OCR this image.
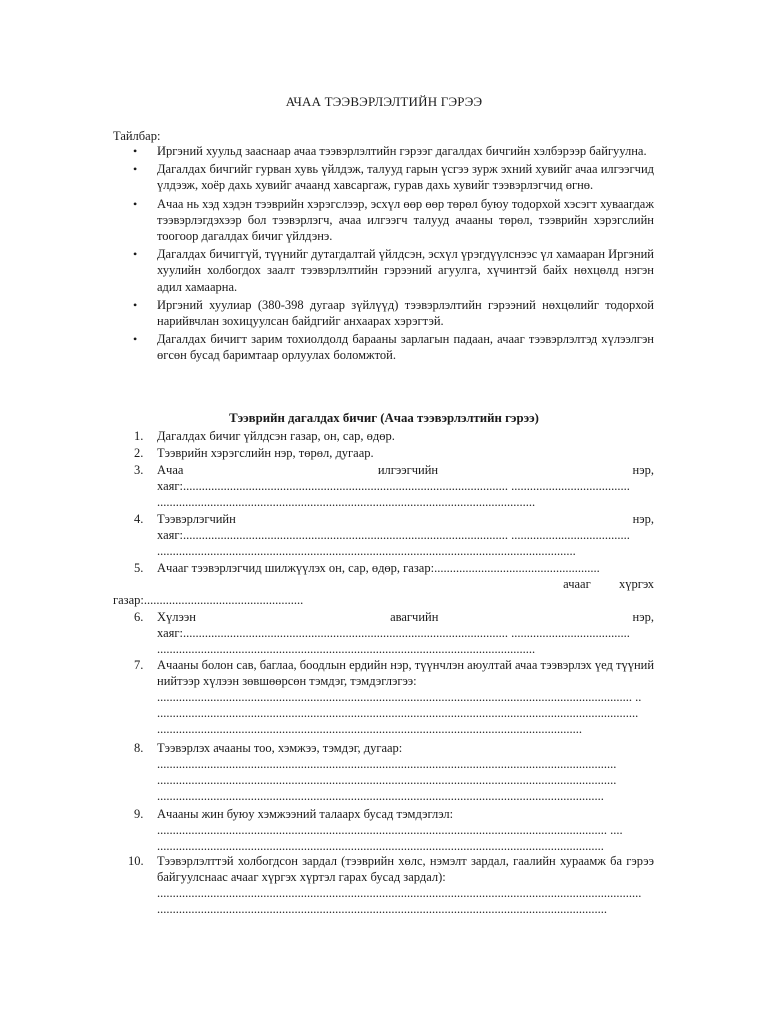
АЧАА ТЭЭВЭРЛЭЛТИЙН ГЭРЭЭ
Тайлбар:
• Иргэний хуульд зааснаар ачаа тээвэрлэлтийн гэрээг дагалдах бичгийн хэлбэрээр байгуулна.
• Дагалдах бичгийг гурван хувь үйлдэж, талууд гарын үсгээ зурж эхний хувийг ачаа илгээгчид үлдээж, хоёр дахь хувийг ачаанд хавсаргаж, гурав дахь хувийг тээвэрлэгчид өгнө.
• Ачаа нь хэд хэдэн тээврийн хэрэгслээр, эсхүл өөр өөр төрөл буюу тодорхой хэсэгт хуваагдаж тээвэрлэгдэхээр бол тээвэрлэгч, ачаа илгээгч талууд ачааны төрөл, тээврийн хэрэгслийн тоогоор дагалдах бичиг үйлдэнэ.
• Дагалдах бичиггүй, түүнийг дутагдалтай үйлдсэн, эсхүл үрэгдүүлснээс үл хамааран Иргэний хуулийн холбогдох заалт тээвэрлэлтийн гэрээний агуулга, хүчинтэй байх нөхцөлд нэгэн адил хамаарна.
• Иргэний хуулиар (380-398 дугаар зүйлүүд) тээвэрлэлтийн гэрээний нөхцөлийг тодорхой нарийвчлан зохицуулсан байдгийг анхаарах хэрэгтэй.
• Дагалдах бичигт зарим тохиолдолд барааны зарлагын падаан, ачааг тээвэрлэлтэд хүлээлгэн өгсөн бусад баримтаар орлуулах боломжтой.
Тээврийн дагалдах бичиг (Ачаа тээвэрлэлтийн гэрээ)
1. Дагалдах бичиг үйлдсэн газар, он, сар, өдөр.
2. Тээврийн хэрэгслийн нэр, төрөл, дугаар.
3. Ачаа	илгээгчийн	нэр,
хаяг:........................................................................................................ ......................................
.........................................................................................................................
4. Тээвэрлэгчийн	нэр,
хаяг:........................................................................................................ ......................................
......................................................................................................................................
5. Ачааг тээвэрлэгчид шилжүүлэх он, сар, өдөр, газар:.....................................................
ачааг хүргэх
газар:...................................................
6. Хүлээн	авагчийн	нэр,
хаяг:........................................................................................................ ......................................
.........................................................................................................................
7. Ачааны болон сав, баглаа, боодлын ердийн нэр, түүнчлэн аюултай ачаа тээвэрлэх үед түүний нийтээр хүлээн зөвшөөрсөн тэмдэг, тэмдэглэгээ:
........................................................................................................................................................ ..
..........................................................................................................................................................
........................................................................................................................................
8. Тээвэрлэх ачааны тоо, хэмжээ, тэмдэг, дугаар:
...................................................................................................................................................
...................................................................................................................................................
...............................................................................................................................................
9. Ачааны жин буюу хэмжээний талаарх бусад тэмдэглэл:
................................................................................................................................................ ....
...............................................................................................................................................
10. Тээвэрлэлттэй холбогдсон зардал (тээврийн хөлс, нэмэлт зардал, гаалийн хураамж ба гэрээ байгуулснаас ачааг хүргэх хүртэл гарах бусад зардал):
...........................................................................................................................................................
................................................................................................................................................
